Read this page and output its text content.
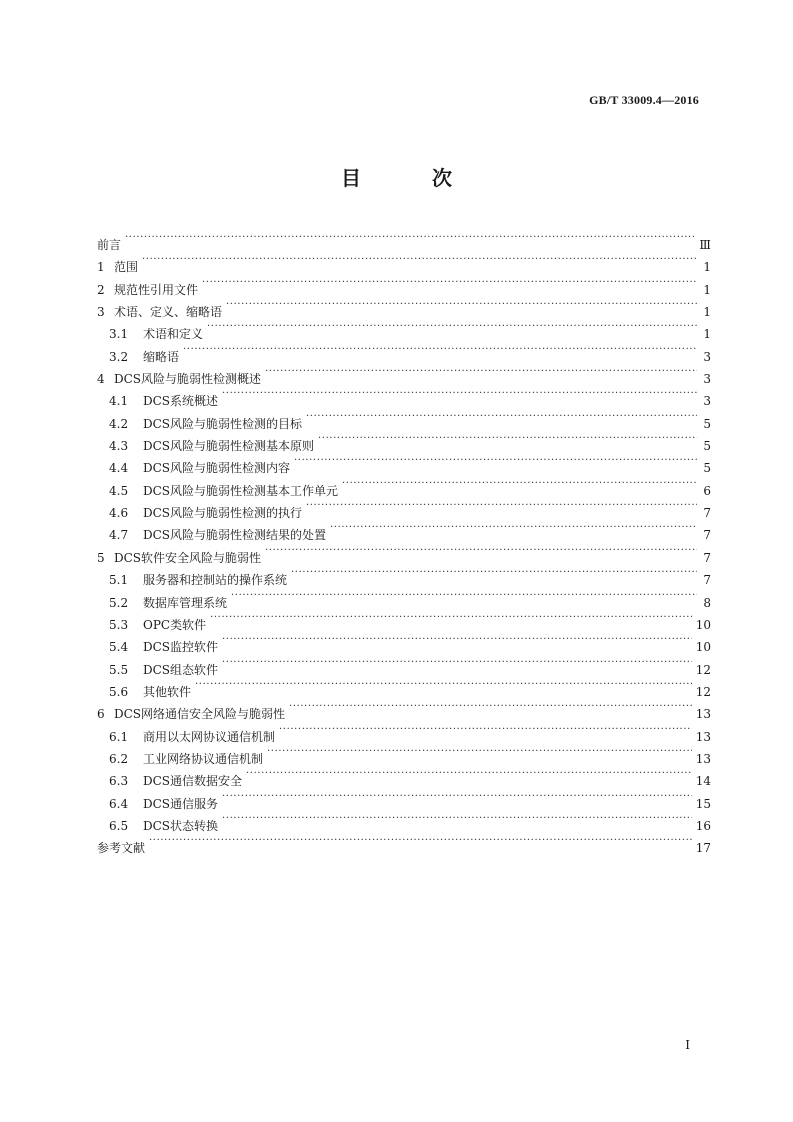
GB/T 33009.4—2016
目 次
前言 ·····	Ⅲ
1 范围 ·····	1
2 规范性引用文件 ·····	1
3 术语、定义、缩略语 ·····	1
3.1	术语和定义 ·····	1
3.2	缩略语 ·····	3
4 DCS风险与脆弱性检测概述 ·····	3
4.1	DCS系统概述 ·····	3
4.2	DCS风险与脆弱性检测的目标 ·····	5
4.3	DCS风险与脆弱性检测基本原则 ·····	5
4.4	DCS风险与脆弱性检测内容 ·····	5
4.5	DCS风险与脆弱性检测基本工作单元 ·····	6
4.6	DCS风险与脆弱性检测的执行 ·····	7
4.7	DCS风险与脆弱性检测结果的处置 ·····	7
5 DCS软件安全风险与脆弱性 ·····	7
5.1	服务器和控制站的操作系统 ·····	7
5.2	数据库管理系统 ·····	8
5.3	OPC类软件 ·····	10
5.4	DCS监控软件 ·····	10
5.5	DCS组态软件 ·····	12
5.6	其他软件 ·····	12
6 DCS网络通信安全风险与脆弱性 ·····	13
6.1	商用以太网协议通信机制 ·····	13
6.2	工业网络协议通信机制 ·····	13
6.3	DCS通信数据安全 ·····	14
6.4	DCS通信服务 ·····	15
6.5	DCS状态转换 ·····	16
参考文献 ·····	17
Ⅰ
